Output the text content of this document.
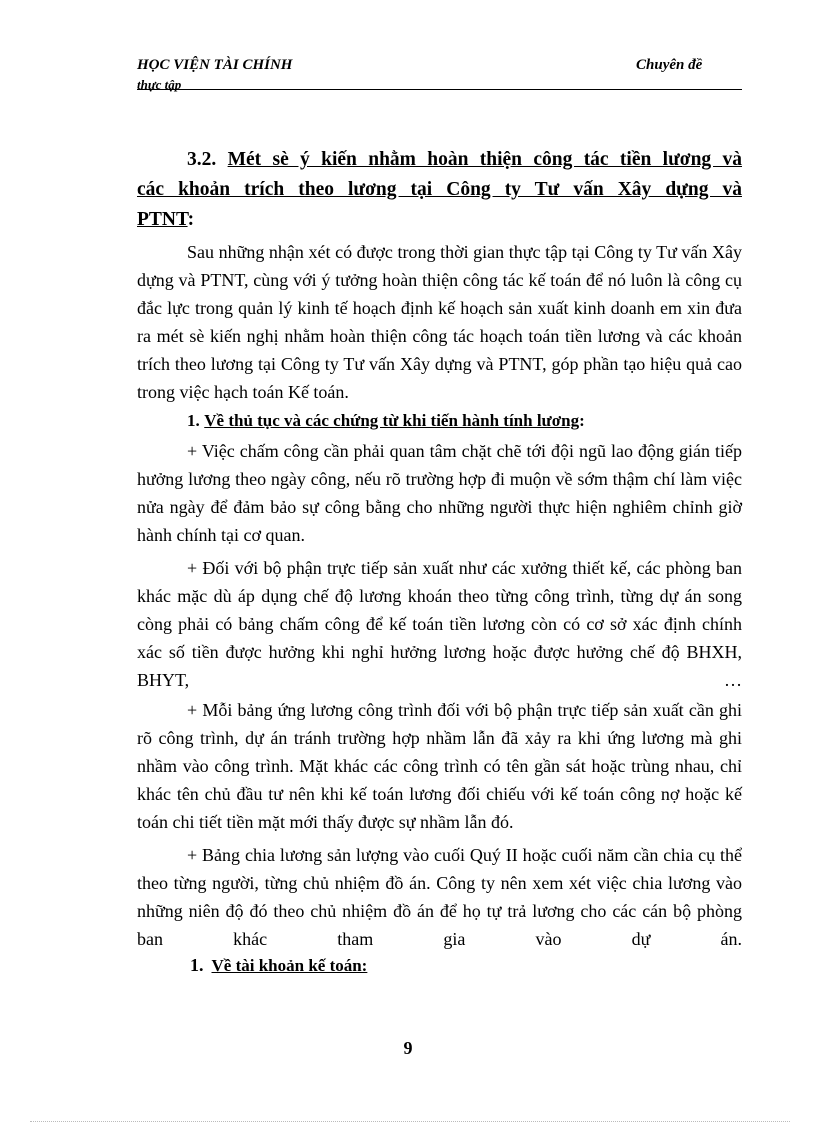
HỌC VIỆN TÀI CHÍNH
thực tập
Chuyên đề

3.2. Mét sè ý kiến nhằm hoàn thiện công tác tiền lương và

các khoản trích theo lương tại Công ty Tư vấn Xây dựng và

PTNT:

Sau những nhận xét có được trong thời gian thực tập tại Công ty Tư vấn Xây dựng và PTNT, cùng với ý tưởng hoàn thiện công tác kế toán để nó luôn là công cụ đắc lực trong quản lý kinh tế hoạch định kế hoạch sản xuất kinh doanh em xin đưa ra mét sè kiến nghị nhằm hoàn thiện công tác hoạch toán tiền lương và các khoản trích theo lương tại Công ty Tư vấn Xây dựng và PTNT, góp phần tạo hiệu quả cao trong việc hạch toán Kế toán.

1. Về thủ tục và các chứng từ khi tiến hành tính lương:

+ Việc chấm công cần phải quan tâm chặt chẽ tới đội ngũ lao động gián tiếp hưởng lương theo ngày công, nếu rõ trường hợp đi muộn về sớm thậm chí làm việc nửa ngày để đảm bảo sự công bằng cho những người thực hiện nghiêm chỉnh giờ hành chính tại cơ quan.

+ Đối với bộ phận trực tiếp sản xuất như các xưởng thiết kế, các phòng ban khác mặc dù áp dụng chế độ lương khoán theo từng công trình, từng dự án song còng phải có bảng chấm công để kế toán tiền lương còn có cơ sở xác định chính xác số tiền được hưởng khi nghỉ hưởng lương hoặc được hưởng chế độ BHXH, BHYT, …

+ Mỗi bảng ứng lương công trình đối với bộ phận trực tiếp sản xuất cần ghi rõ công trình, dự án tránh trường hợp nhầm lẫn đã xảy ra khi ứng lương mà ghi nhầm vào công trình. Mặt khác các công trình có tên gần sát hoặc trùng nhau, chỉ khác tên chủ đầu tư nên khi kế toán lương đối chiếu với kế toán công nợ hoặc kế toán chi tiết tiền mặt mới thấy được sự nhầm lẫn đó.

+ Bảng chia lương sản lượng vào cuối Quý II hoặc cuối năm cần chia cụ thể theo từng người, từng chủ nhiệm đồ án. Công ty nên xem xét việc chia lương vào những niên độ đó theo chủ nhiệm đồ án để họ tự trả lương cho các cán bộ phòng ban khác tham gia vào dự án.

1. Về tài khoản kế toán:
9
